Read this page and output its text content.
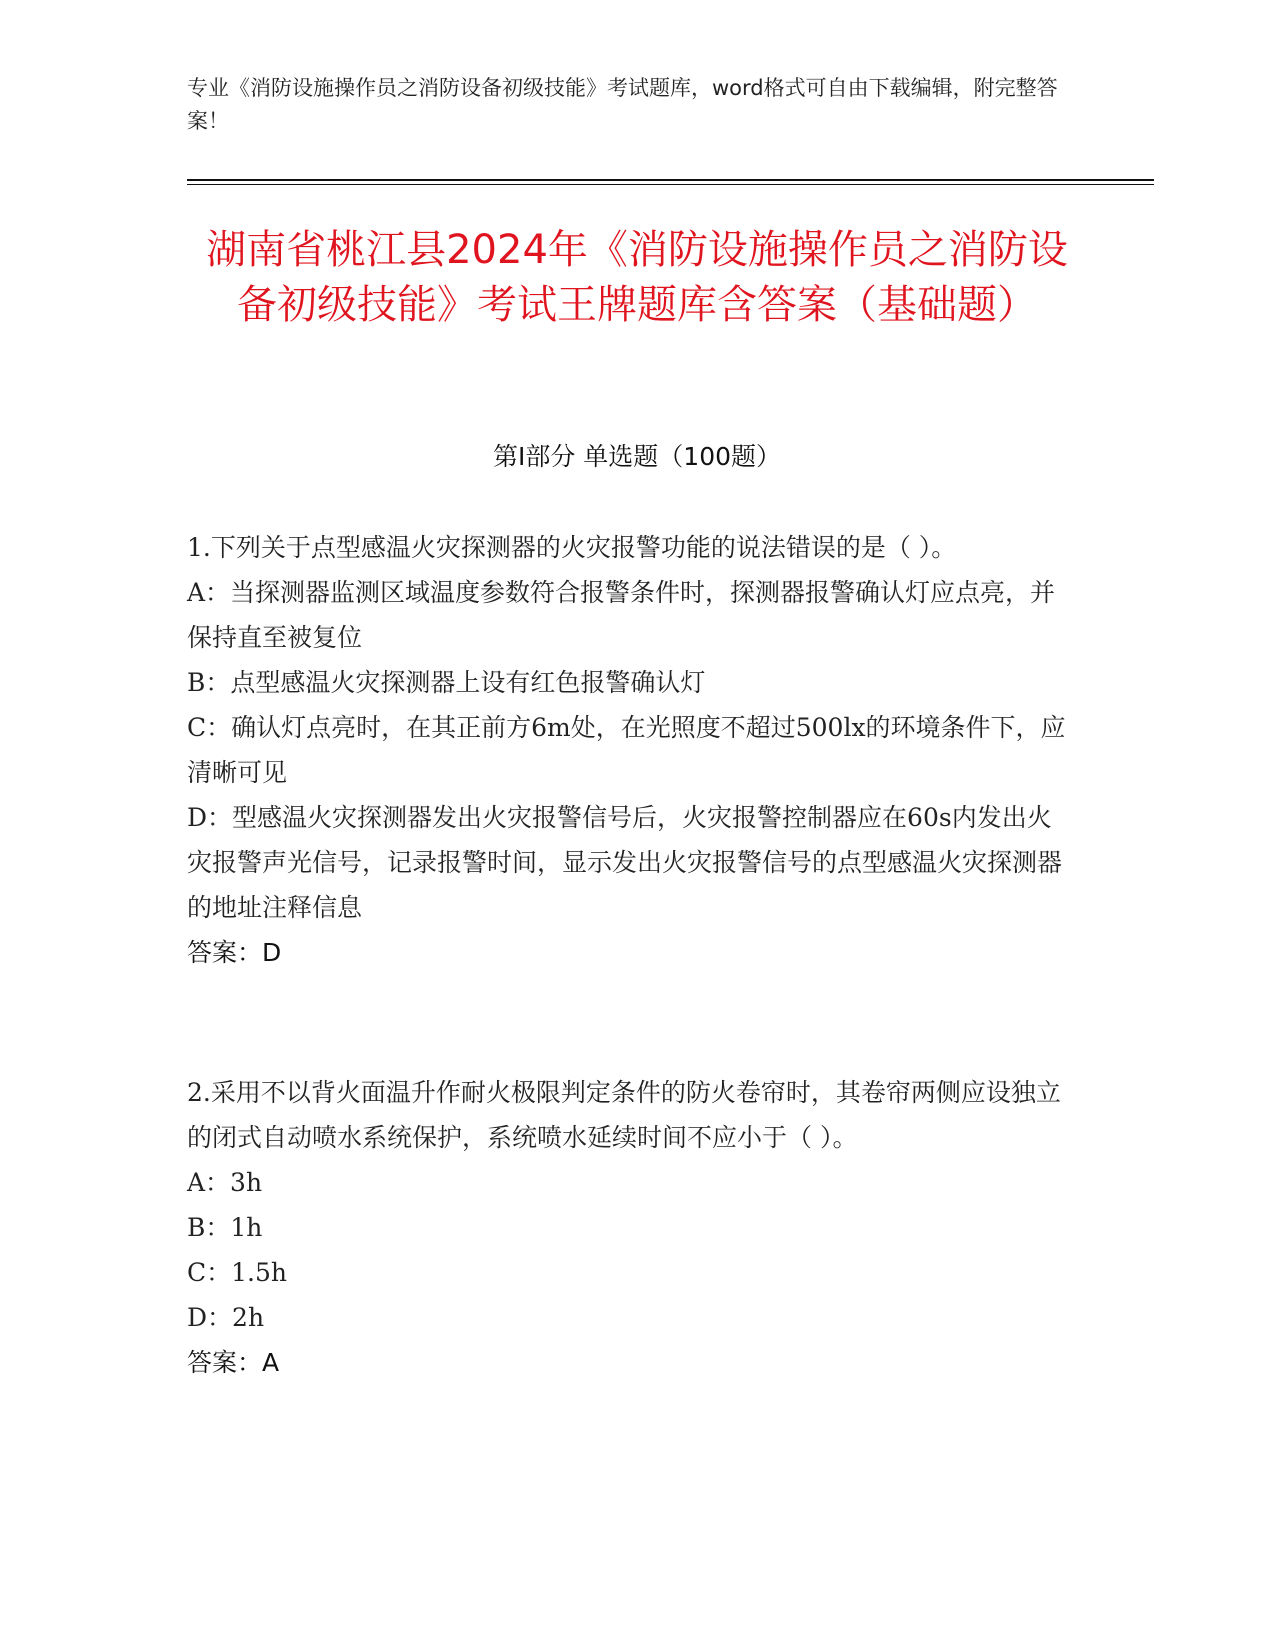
专业《消防设施操作员之消防设备初级技能》考试题库，word格式可自由下载编辑，附完整答案！
湖南省桃江县2024年《消防设施操作员之消防设备初级技能》考试王牌题库含答案（基础题）
第Ⅰ部分 单选题（100题）

1.下列关于点型感温火灾探测器的火灾报警功能的说法错误的是（ ）。

A：当探测器监测区域温度参数符合报警条件时，探测器报警确认灯应点亮，并保持直至被复位

B：点型感温火灾探测器上设有红色报警确认灯

C：确认灯点亮时，在其正前方6m处，在光照度不超过500lx的环境条件下，应清晰可见

D：型感温火灾探测器发出火灾报警信号后，火灾报警控制器应在60s内发出火灾报警声光信号，记录报警时间，显示发出火灾报警信号的点型感温火灾探测器的地址注释信息

答案：D

2.采用不以背火面温升作耐火极限判定条件的防火卷帘时，其卷帘两侧应设独立的闭式自动喷水系统保护，系统喷水延续时间不应小于（ ）。

A：3h

B：1h

C：1.5h

D：2h

答案：A
